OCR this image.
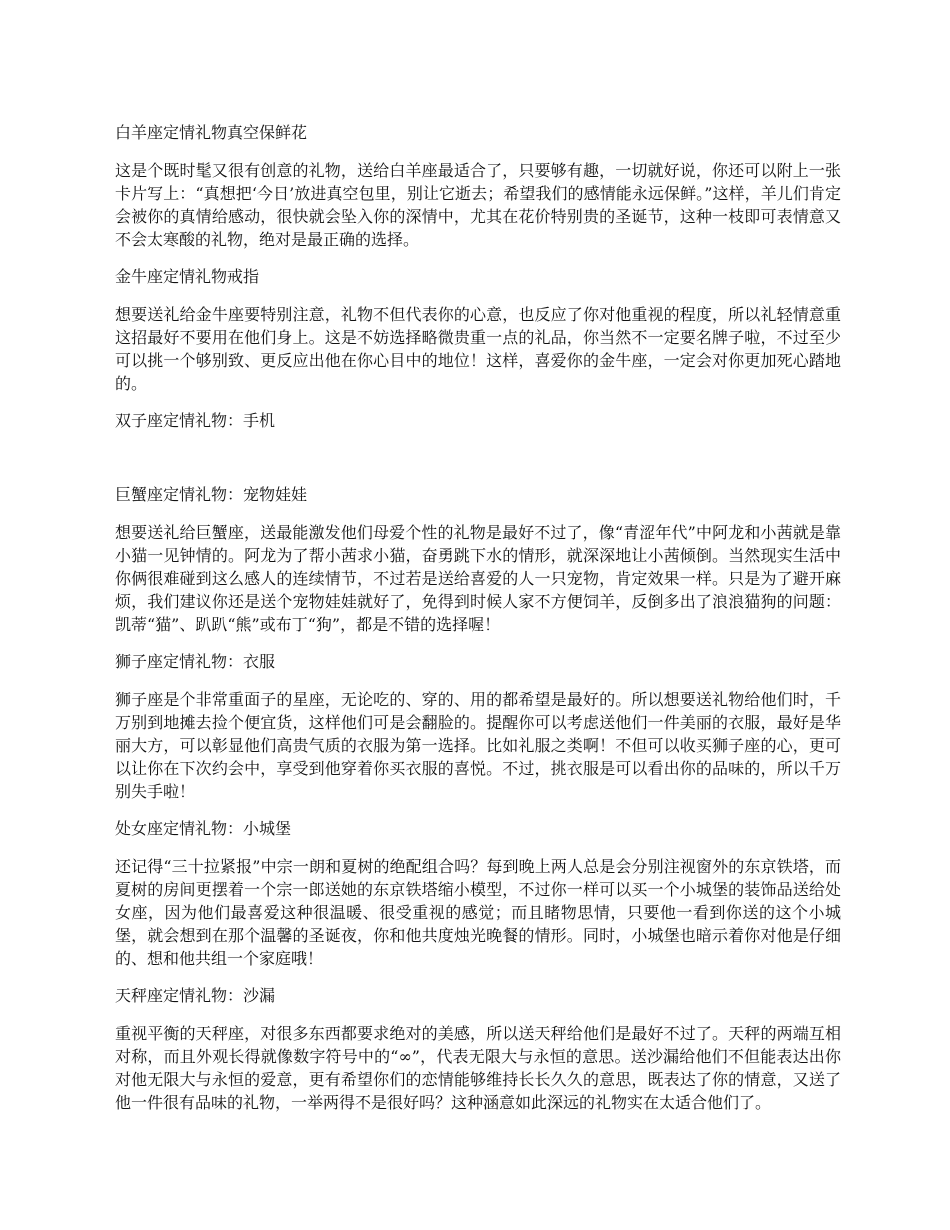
白羊座定情礼物真空保鲜花
这是个既时髦又很有创意的礼物，送给白羊座最适合了，只要够有趣，一切就好说，你还可以附上一张卡片写上：“真想把‘今日’放进真空包里，别让它逝去；希望我们的感情能永远保鲜。”这样，羊儿们肯定会被你的真情给感动，很快就会坠入你的深情中，尤其在花价特别贵的圣诞节，这种一枝即可表情意又不会太寒酸的礼物，绝对是最正确的选择。
金牛座定情礼物戒指
想要送礼给金牛座要特别注意，礼物不但代表你的心意，也反应了你对他重视的程度，所以礼轻情意重这招最好不要用在他们身上。这是不妨选择略微贵重一点的礼品，你当然不一定要名牌子啦，不过至少可以挑一个够别致、更反应出他在你心目中的地位！这样，喜爱你的金牛座，一定会对你更加死心踏地的。
双子座定情礼物：手机
巨蟹座定情礼物：宠物娃娃
想要送礼给巨蟹座，送最能激发他们母爱个性的礼物是最好不过了，像“青涩年代”中阿龙和小茜就是靠小猫一见钟情的。阿龙为了帮小茜求小猫，奋勇跳下水的情形，就深深地让小茜倾倒。当然现实生活中你俩很难碰到这么感人的连续情节，不过若是送给喜爱的人一只宠物，肯定效果一样。只是为了避开麻烦，我们建议你还是送个宠物娃娃就好了，免得到时候人家不方便饲羊，反倒多出了浪浪猫狗的问题：凯蒂“猫”、趴趴“熊”或布丁“狗”，都是不错的选择喔！
狮子座定情礼物：衣服
狮子座是个非常重面子的星座，无论吃的、穿的、用的都希望是最好的。所以想要送礼物给他们时，千万别到地摊去捡个便宜货，这样他们可是会翻脸的。提醒你可以考虑送他们一件美丽的衣服，最好是华丽大方，可以彰显他们高贵气质的衣服为第一选择。比如礼服之类啊！不但可以收买狮子座的心，更可以让你在下次约会中，享受到他穿着你买衣服的喜悦。不过，挑衣服是可以看出你的品味的，所以千万别失手啦！
处女座定情礼物：小城堡
还记得“三十拉紧报”中宗一朗和夏树的绝配组合吗？每到晚上两人总是会分别注视窗外的东京铁塔，而夏树的房间更摆着一个宗一郎送她的东京铁塔缩小模型，不过你一样可以买一个小城堡的装饰品送给处女座，因为他们最喜爱这种很温暖、很受重视的感觉；而且睹物思情，只要他一看到你送的这个小城堡，就会想到在那个温馨的圣诞夜，你和他共度烛光晚餐的情形。同时，小城堡也暗示着你对他是仔细的、想和他共组一个家庭哦！
天秤座定情礼物：沙漏
重视平衡的天秤座，对很多东西都要求绝对的美感，所以送天秤给他们是最好不过了。天秤的两端互相对称，而且外观长得就像数字符号中的“∞”，代表无限大与永恒的意思。送沙漏给他们不但能表达出你对他无限大与永恒的爱意，更有希望你们的恋情能够维持长长久久的意思，既表达了你的情意，又送了他一件很有品味的礼物，一举两得不是很好吗？这种涵意如此深远的礼物实在太适合他们了。
